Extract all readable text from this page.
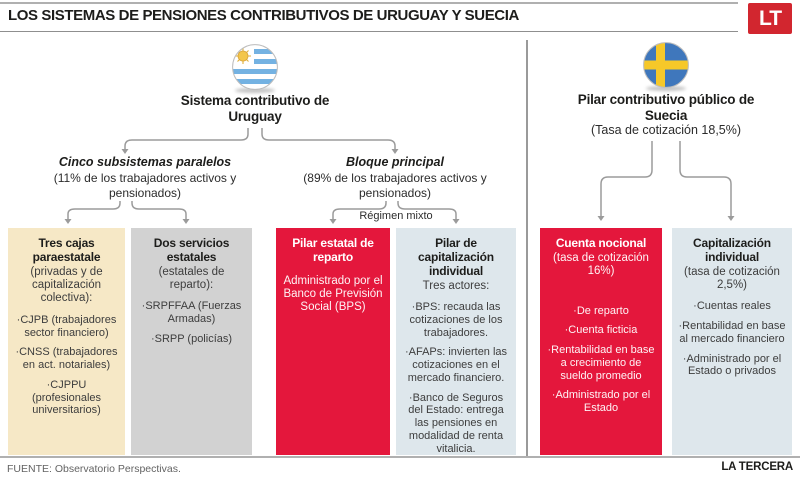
LOS SISTEMAS DE PENSIONES CONTRIBUTIVOS DE URUGUAY Y SUECIA	LT
Sistema contributivo de Uruguay
Cinco subsistemas paralelos
(11% de los trabajadores activos y pensionados)
Bloque principal
(89% de los trabajadores activos y pensionados)
Régimen mixto
Pilar contributivo público de Suecia
(Tasa de cotización 18,5%)
Tres cajas paraestatale
(privadas y de capitalización colectiva):
·CJPB (trabajadores sector financiero)
·CNSS (trabajadores en act. notariales)
·CJPPU (profesionales universitarios)
Dos servicios estatales
(estatales de reparto):
·SRPFFAA (Fuerzas Armadas)
·SRPP (policías)
Pilar estatal de reparto
Administrado por el Banco de Previsión Social (BPS)
Pilar de capitalización individual
Tres actores:
·BPS: recauda las cotizaciones de los trabajadores.
·AFAPs: invierten las cotizaciones en el mercado financiero.
·Banco de Seguros del Estado: entrega las pensiones en modalidad de renta vitalicia.
Cuenta nocional
(tasa de cotización 16%)
·De reparto
·Cuenta ficticia
·Rentabilidad en base a crecimiento de sueldo promedio
·Administrado por el Estado
Capitalización individual
(tasa de cotización 2,5%)
·Cuentas reales
·Rentabilidad en base al mercado financiero
·Administrado por el Estado o privados
FUENTE: Observatorio Perspectivas.	LA TERCERA
